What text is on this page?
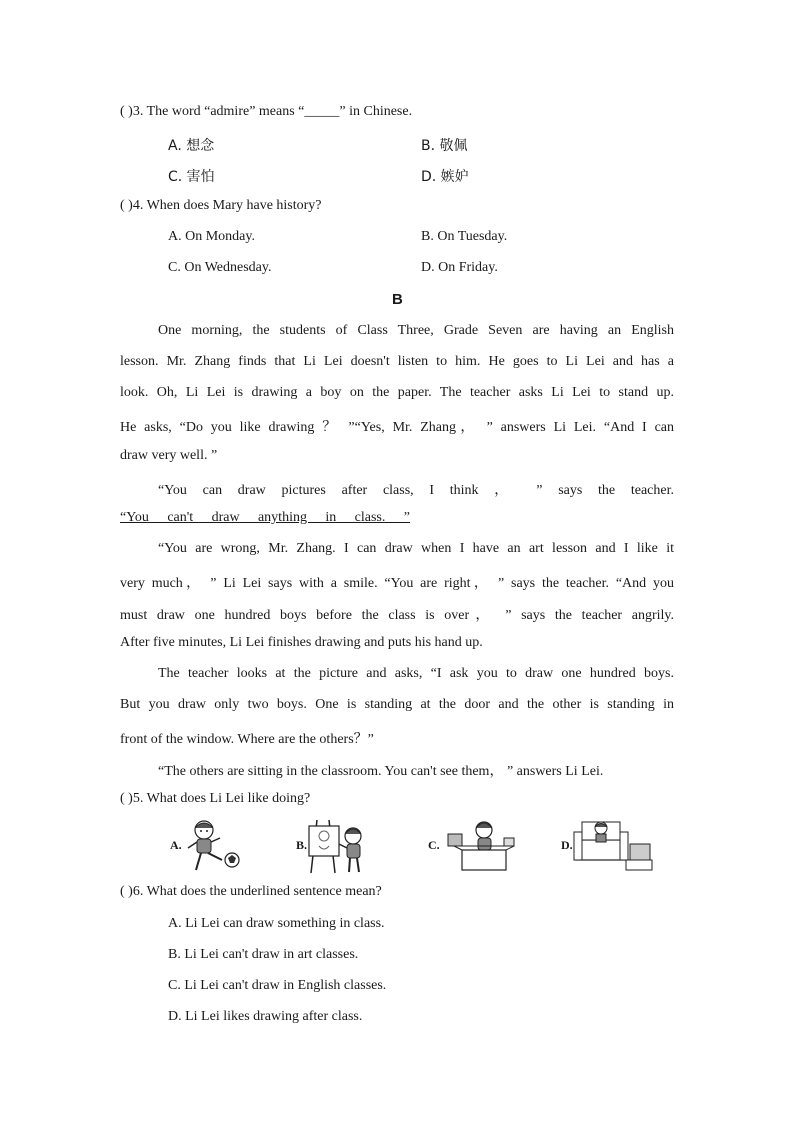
( )3. The word “admire” means “_____” in Chinese.
A. 想念	B. 敬佩
C. 害怕	D. 嫉妒
( )4. When does Mary have history?
A. On Monday.	B. On Tuesday.
C. On Wednesday.	D. On Friday.
B
One morning, the students of Class Three, Grade Seven are having an English
lesson. Mr. Zhang finds that Li Lei doesn't listen to him. He goes to Li Lei and has a
look. Oh, Li Lei is drawing a boy on the paper. The teacher asks Li Lei to stand up.
He asks, “Do you like drawing ？ ”“Yes, Mr. Zhang， ” answers Li Lei. “And I can
draw very well. ”
“You can draw pictures after class, I think ， ” says the teacher.
“You can't draw anything in class. ”
“You are wrong, Mr. Zhang. I can draw when I have an art lesson and I like it
very much， ” Li Lei says with a smile. “You are right， ” says the teacher. “And you
must draw one hundred boys before the class is over， ” says the teacher angrily.
After five minutes, Li Lei finishes drawing and puts his hand up.
The teacher looks at the picture and asks, “I ask you to draw one hundred boys.
But you draw only two boys. One is standing at the door and the other is standing in
front of the window. Where are the others？”
“The others are sitting in the classroom. You can't see them， ” answers Li Lei.
( )5. What does Li Lei like doing?
A.	B.	C.	D.
( )6. What does the underlined sentence mean?
A. Li Lei can draw something in class.
B. Li Lei can't draw in art classes.
C. Li Lei can't draw in English classes.
D. Li Lei likes drawing after class.
